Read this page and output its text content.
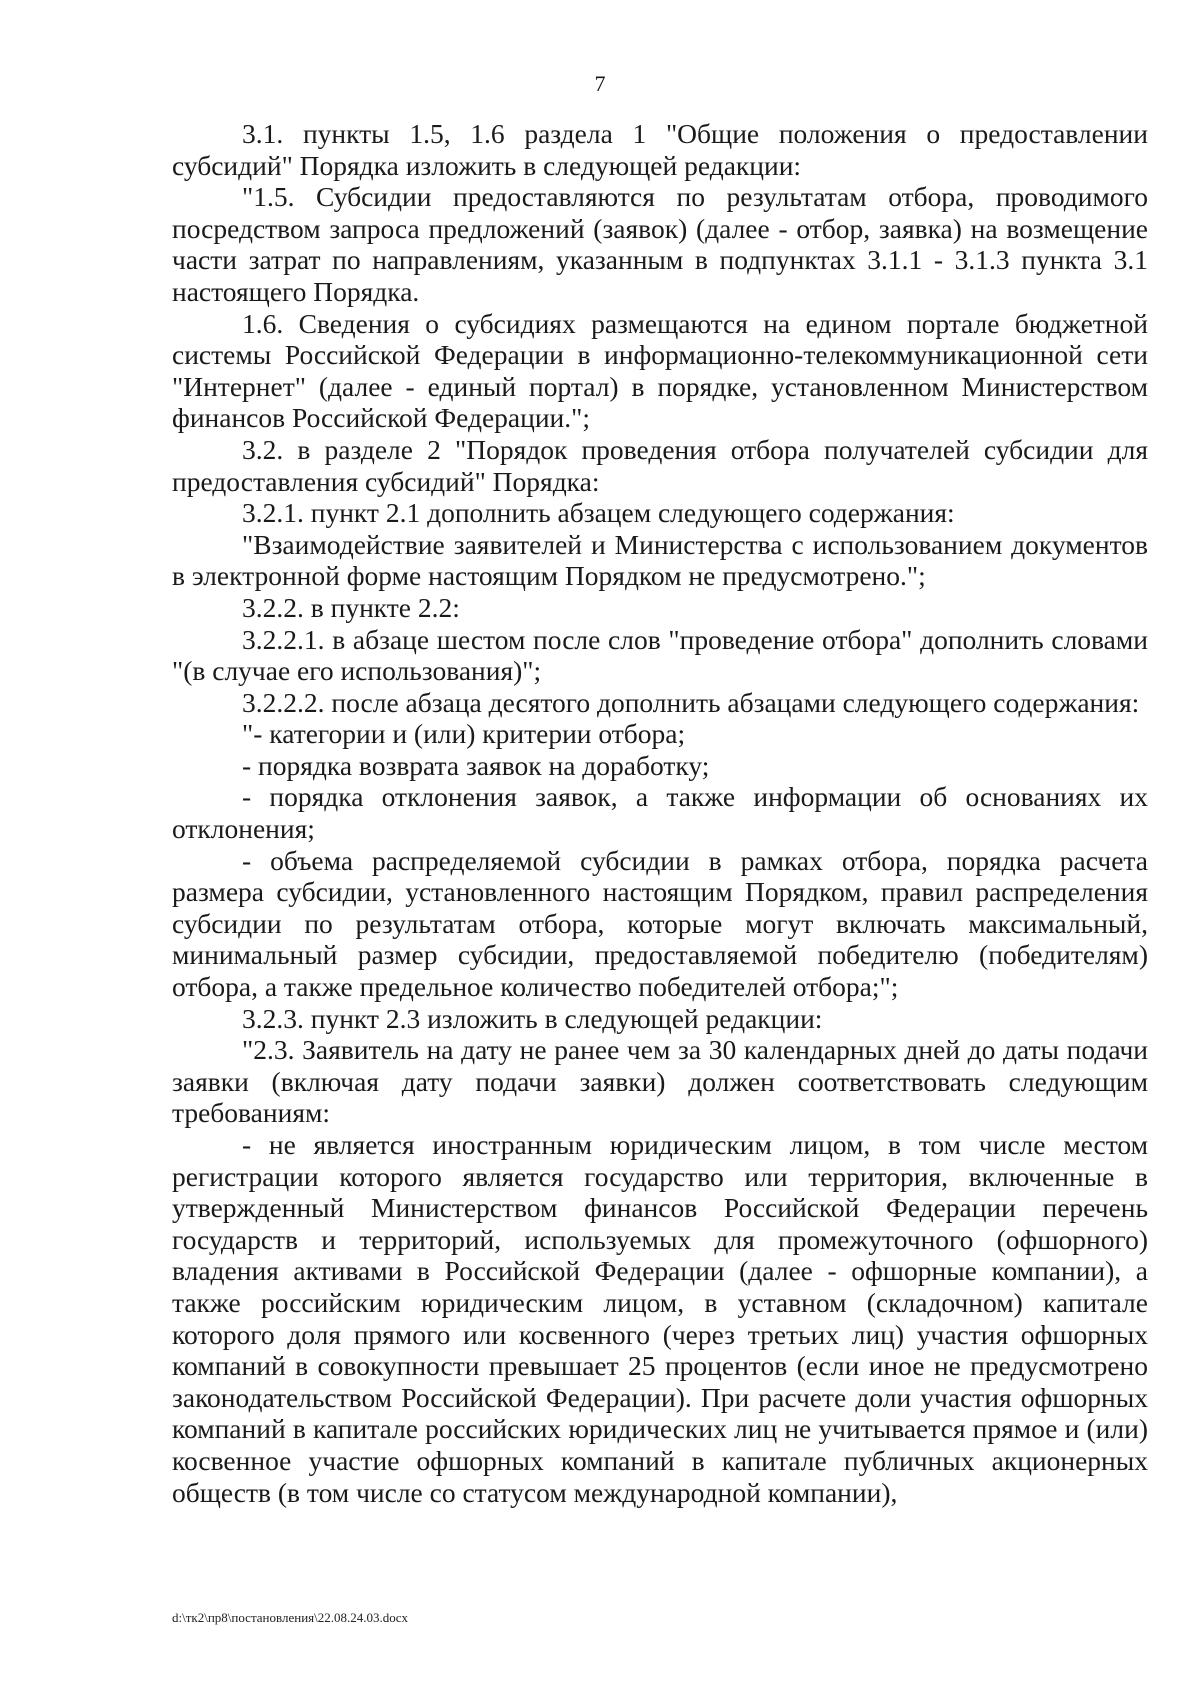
7

3.1. пункты 1.5, 1.6 раздела 1 "Общие положения о предоставлении субсидий" Порядка изложить в следующей редакции:

"1.5. Субсидии предоставляются по результатам отбора, проводимого посредством запроса предложений (заявок) (далее - отбор, заявка) на возмещение части затрат по направлениям, указанным в подпунктах 3.1.1 - 3.1.3 пункта 3.1 настоящего Порядка.

1.6. Сведения о субсидиях размещаются на едином портале бюджетной системы Российской Федерации в информационно-телекоммуникационной сети "Интернет" (далее - единый портал) в порядке, установленном Министерством финансов Российской Федерации.";

3.2. в разделе 2 "Порядок проведения отбора получателей субсидии для предоставления субсидий" Порядка:

3.2.1. пункт 2.1 дополнить абзацем следующего содержания:

"Взаимодействие заявителей и Министерства с использованием документов в электронной форме настоящим Порядком не предусмотрено.";

3.2.2. в пункте 2.2:

3.2.2.1. в абзаце шестом после слов "проведение отбора" дополнить словами "(в случае его использования)";

3.2.2.2. после абзаца десятого дополнить абзацами следующего содержания:

"- категории и (или) критерии отбора;

- порядка возврата заявок на доработку;

- порядка отклонения заявок, а также информации об основаниях их отклонения;

- объема распределяемой субсидии в рамках отбора, порядка расчета размера субсидии, установленного настоящим Порядком, правил распределения субсидии по результатам отбора, которые могут включать максимальный, минимальный размер субсидии, предоставляемой победителю (победителям) отбора, а также предельное количество победителей отбора;";

3.2.3. пункт 2.3 изложить в следующей редакции:

"2.3. Заявитель на дату не ранее чем за 30 календарных дней до даты подачи заявки (включая дату подачи заявки) должен соответствовать следующим требованиям:

- не является иностранным юридическим лицом, в том числе местом регистрации которого является государство или территория, включенные в утвержденный Министерством финансов Российской Федерации перечень государств и территорий, используемых для промежуточного (офшорного) владения активами в Российской Федерации (далее - офшорные компании), а также российским юридическим лицом, в уставном (складочном) капитале которого доля прямого или косвенного (через третьих лиц) участия офшорных компаний в совокупности превышает 25 процентов (если иное не предусмотрено законодательством Российской Федерации). При расчете доли участия офшорных компаний в капитале российских юридических лиц не учитывается прямое и (или) косвенное участие офшорных компаний в капитале публичных акционерных обществ (в том числе со статусом международной компании),

d:\тк2\пр8\постановления\22.08.24.03.docx
